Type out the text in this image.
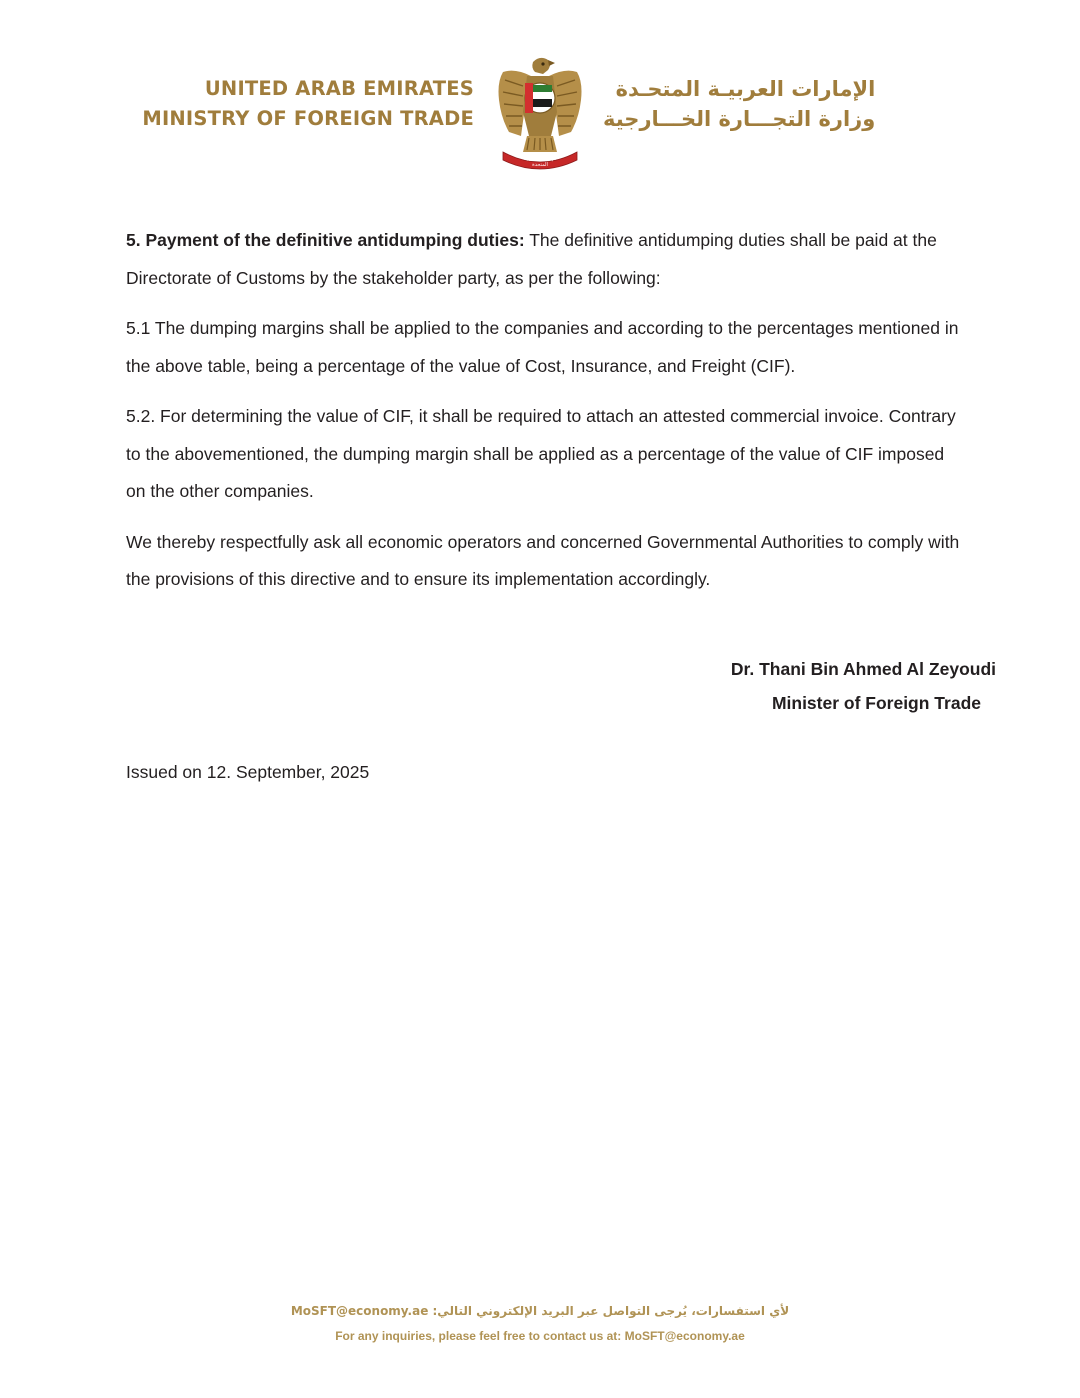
UNITED ARAB EMIRATES
MINISTRY OF FOREIGN TRADE
الإمارات العربية المتحدة
الإمارات العربيـة المتحـدة
وزارة التجـــارة الخـــارجية

5. Payment of the definitive antidumping duties: The definitive antidumping duties shall be paid at the Directorate of Customs by the stakeholder party, as per the following:

5.1 The dumping margins shall be applied to the companies and according to the percentages mentioned in the above table, being a percentage of the value of Cost, Insurance, and Freight (CIF).

5.2. For determining the value of CIF, it shall be required to attach an attested commercial invoice. Contrary to the abovementioned, the dumping margin shall be applied as a percentage of the value of CIF imposed on the other companies.

We thereby respectfully ask all economic operators and concerned Governmental Authorities to comply with the provisions of this directive and to ensure its implementation accordingly.

Dr. Thani Bin Ahmed Al Zeyoudi
Minister of Foreign Trade
Issued on 12. September, 2025
لأي استفسارات، يُرجى التواصل عبر البريد الإلكتروني التالي: MoSFT@economy.ae
For any inquiries, please feel free to contact us at: MoSFT@economy.ae
